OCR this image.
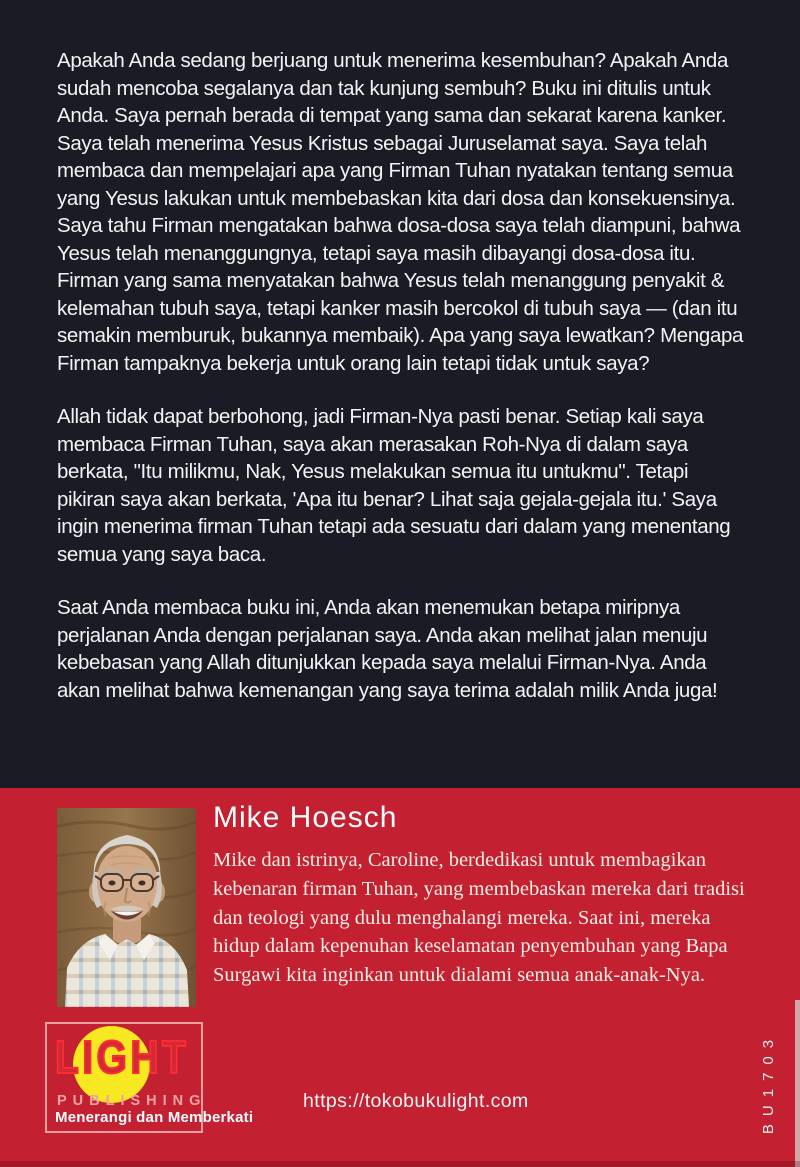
Apakah Anda sedang berjuang untuk menerima kesembuhan? Apakah Anda sudah mencoba segalanya dan tak kunjung sembuh? Buku ini ditulis untuk Anda. Saya pernah berada di tempat yang sama dan sekarat karena kanker. Saya telah menerima Yesus Kristus sebagai Juruselamat saya. Saya telah membaca dan mempelajari apa yang Firman Tuhan nyatakan tentang semua yang Yesus lakukan untuk membebaskan kita dari dosa dan konsekuensinya. Saya tahu Firman mengatakan bahwa dosa-dosa saya telah diampuni, bahwa Yesus telah menanggungnya, tetapi saya masih dibayangi dosa-dosa itu. Firman yang sama menyatakan bahwa Yesus telah menanggung penyakit & kelemahan tubuh saya, tetapi kanker masih bercokol di tubuh saya — (dan itu semakin memburuk, bukannya membaik). Apa yang saya lewatkan? Mengapa Firman tampaknya bekerja untuk orang lain tetapi tidak untuk saya?

Allah tidak dapat berbohong, jadi Firman-Nya pasti benar. Setiap kali saya membaca Firman Tuhan, saya akan merasakan Roh-Nya di dalam saya berkata, "Itu milikmu, Nak, Yesus melakukan semua itu untukmu". Tetapi pikiran saya akan berkata, 'Apa itu benar? Lihat saja gejala-gejala itu.' Saya ingin menerima firman Tuhan tetapi ada sesuatu dari dalam yang menentang semua yang saya baca.

Saat Anda membaca buku ini, Anda akan menemukan betapa miripnya perjalanan Anda dengan perjalanan saya. Anda akan melihat jalan menuju kebebasan yang Allah ditunjukkan kepada saya melalui Firman-Nya. Anda akan melihat bahwa kemenangan yang saya terima adalah milik Anda juga!

Mike Hoesch
Mike dan istrinya, Caroline, berdedikasi untuk membagikan kebenaran firman Tuhan, yang membebaskan mereka dari tradisi dan teologi yang dulu menghalangi mereka. Saat ini, mereka hidup dalam kepenuhan keselamatan penyembuhan yang Bapa Surgawi kita inginkan untuk dialami semua anak-anak-Nya.
LIGHT
PUBLISHING
Menerangi dan Memberkati
https://tokobukulight.com	BU1703
